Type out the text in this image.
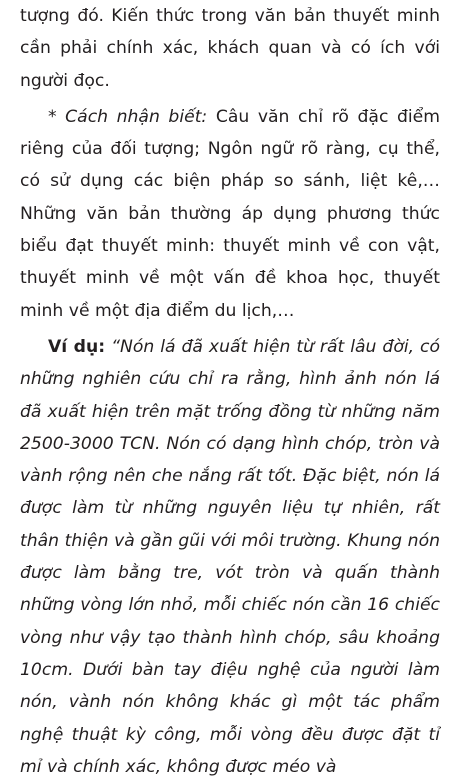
tượng đó. Kiến thức trong văn bản thuyết minh cần phải chính xác, khách quan và có ích với người đọc.

* Cách nhận biết: Câu văn chỉ rõ đặc điểm riêng của đối tượng; Ngôn ngữ rõ ràng, cụ thể, có sử dụng các biện pháp so sánh, liệt kê,… Những văn bản thường áp dụng phương thức biểu đạt thuyết minh: thuyết minh về con vật, thuyết minh về một vấn đề khoa học, thuyết minh về một địa điểm du lịch,…

Ví dụ: “Nón lá đã xuất hiện từ rất lâu đời, có những nghiên cứu chỉ ra rằng, hình ảnh nón lá đã xuất hiện trên mặt trống đồng từ những năm 2500-3000 TCN. Nón có dạng hình chóp, tròn và vành rộng nên che nắng rất tốt. Đặc biệt, nón lá được làm từ những nguyên liệu tự nhiên, rất thân thiện và gần gũi với môi trường. Khung nón được làm bằng tre, vót tròn và quấn thành những vòng lớn nhỏ, mỗi chiếc nón cần 16 chiếc vòng như vậy tạo thành hình chóp, sâu khoảng 10cm. Dưới bàn tay điệu nghệ của người làm nón, vành nón không khác gì một tác phẩm nghệ thuật kỳ công, mỗi vòng đều được đặt tỉ mỉ và chính xác, không được méo và
